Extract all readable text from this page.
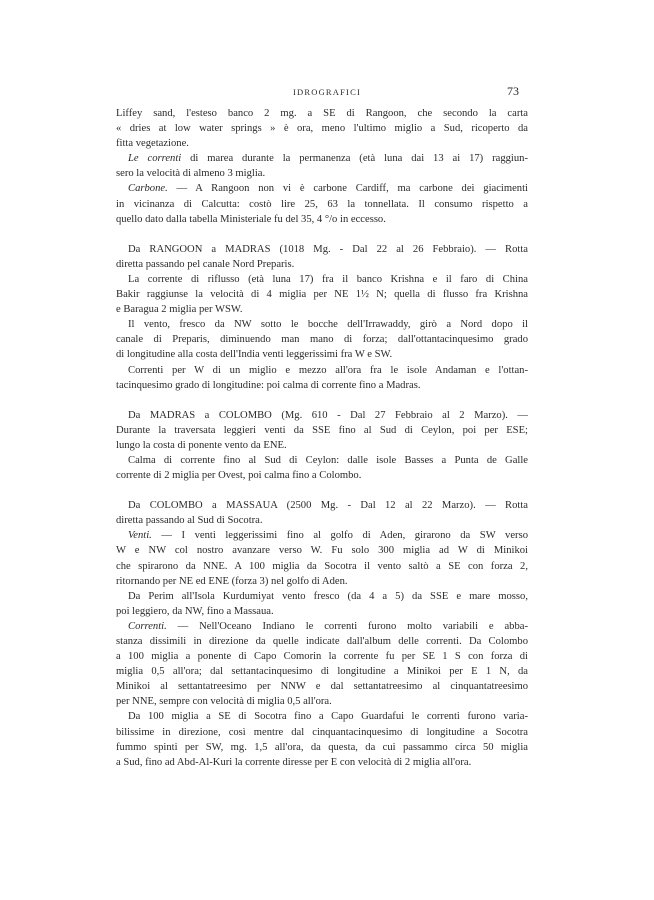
IDROGRAFICI	73
Liffey sand, l'esteso banco 2 mg. a SE di Rangoon, che secondo la carta
« dries at low water springs » è ora, meno l'ultimo miglio a Sud, ricoperto da
fitta vegetazione.
Le correnti di marea durante la permanenza (età luna dai 13 ai 17) raggiun-
sero la velocità di almeno 3 miglia.
Carbone. — A Rangoon non vi è carbone Cardiff, ma carbone dei giacimenti
in vicinanza di Calcutta: costò lire 25, 63 la tonnellata. Il consumo rispetto a
quello dato dalla tabella Ministeriale fu del 35, 4 °/o in eccesso.
Da RANGOON a MADRAS (1018 Mg. - Dal 22 al 26 Febbraio). — Rotta
diretta passando pel canale Nord Preparis.
La corrente di riflusso (età luna 17) fra il banco Krishna e il faro di China
Bakir raggiunse la velocità di 4 miglia per NE 1½ N; quella di flusso fra Krishna
e Baragua 2 miglia per WSW.
Il vento, fresco da NW sotto le bocche dell'Irrawaddy, girò a Nord dopo il
canale di Preparis, diminuendo man mano di forza; dall'ottantacinquesimo grado
di longitudine alla costa dell'India venti leggerissimi fra W e SW.
Correnti per W di un miglio e mezzo all'ora fra le isole Andaman e l'ottan-
tacinquesimo grado di longitudine: poi calma di corrente fino a Madras.
Da MADRAS a COLOMBO (Mg. 610 - Dal 27 Febbraio al 2 Marzo). —
Durante la traversata leggieri venti da SSE fino al Sud di Ceylon, poi per ESE;
lungo la costa di ponente vento da ENE.
Calma di corrente fino al Sud di Ceylon: dalle isole Basses a Punta de Galle
corrente di 2 miglia per Ovest, poi calma fino a Colombo.
Da COLOMBO a MASSAUA (2500 Mg. - Dal 12 al 22 Marzo). — Rotta
diretta passando al Sud di Socotra.
Venti. — I venti leggerissimi fino al golfo di Aden, girarono da SW verso
W e NW col nostro avanzare verso W. Fu solo 300 miglia ad W di Minikoi
che spirarono da NNE. A 100 miglia da Socotra il vento saltò a SE con forza 2,
ritornando per NE ed ENE (forza 3) nel golfo di Aden.
Da Perim all'Isola Kurdumiyat vento fresco (da 4 a 5) da SSE e mare mosso,
poi leggiero, da NW, fino a Massaua.
Correnti. — Nell'Oceano Indiano le correnti furono molto variabili e abba-
stanza dissimili in direzione da quelle indicate dall'album delle correnti. Da Colombo
a 100 miglia a ponente di Capo Comorin la corrente fu per SE 1 S con forza di
miglia 0,5 all'ora; dal settantacinquesimo di longitudine a Minikoi per E 1 N, da
Minikoi al settantatreesimo per NNW e dal settantatreesimo al cinquantatreesimo
per NNE, sempre con velocità di miglia 0,5 all'ora.
Da 100 miglia a SE di Socotra fino a Capo Guardafui le correnti furono varia-
bilissime in direzione, così mentre dal cinquantacinquesimo di longitudine a Socotra
fummo spinti per SW, mg. 1,5 all'ora, da questa, da cui passammo circa 50 miglia
a Sud, fino ad Abd-Al-Kuri la corrente diresse per E con velocità di 2 miglia all'ora.
